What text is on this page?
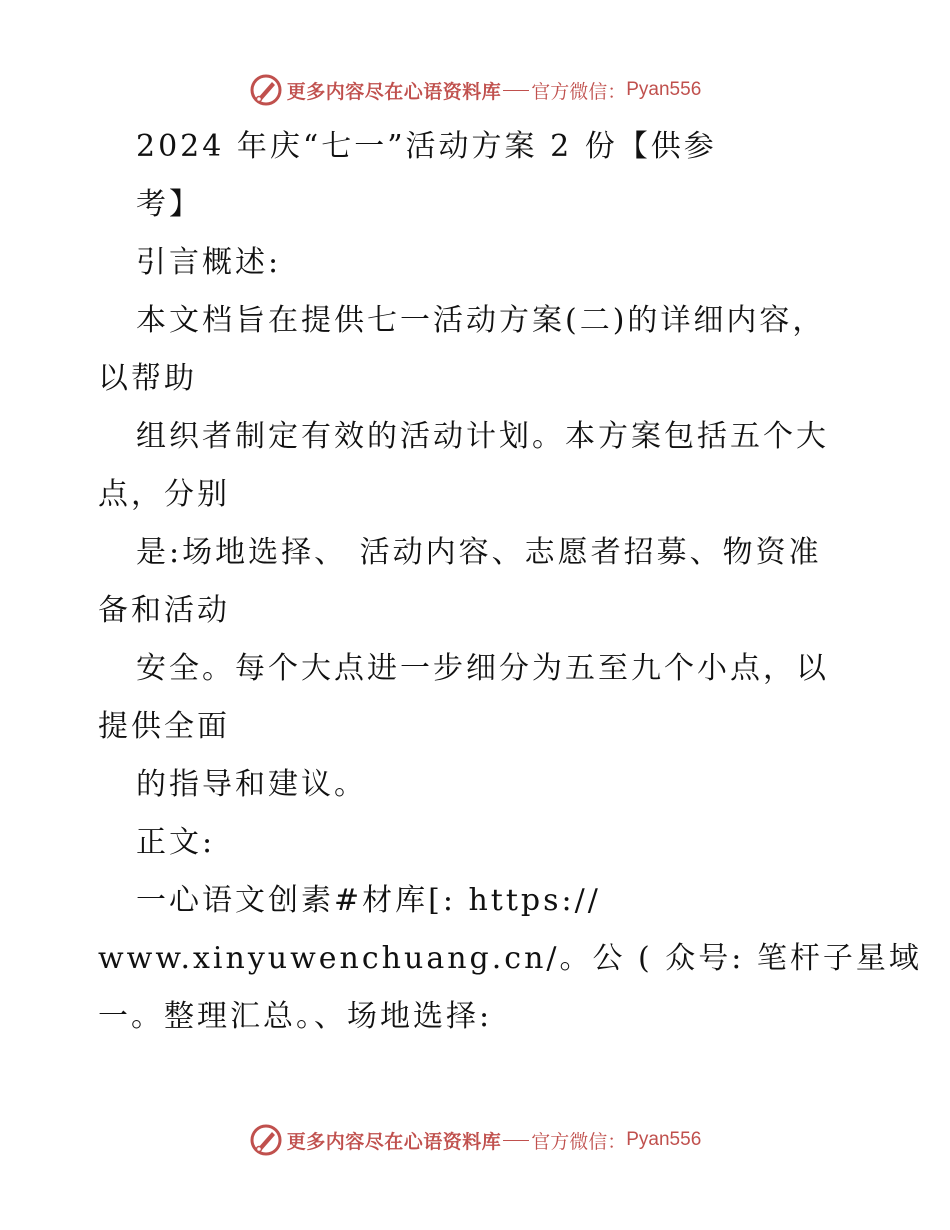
更多内容尽在心语资料库 官方微信： Pyan556
2024 年庆“七一”活动方案 2 份【供参
考】
引言概述:
本文档旨在提供七一活动方案(二)的详细内容，
以帮助
组织者制定有效的活动计划。本方案包括五个大
点，分别
是:场地选择、 活动内容、志愿者招募、物资准
备和活动
安全。每个大点进一步细分为五至九个小点，以
提供全面
的指导和建议。
正文:
一心语文创素#材库[: https://
www.xinyuwenchuang.cn/。公 ( 众号: 笔杆子星域
一。整理汇总。、场地选择:
更多内容尽在心语资料库 官方微信： Pyan556
